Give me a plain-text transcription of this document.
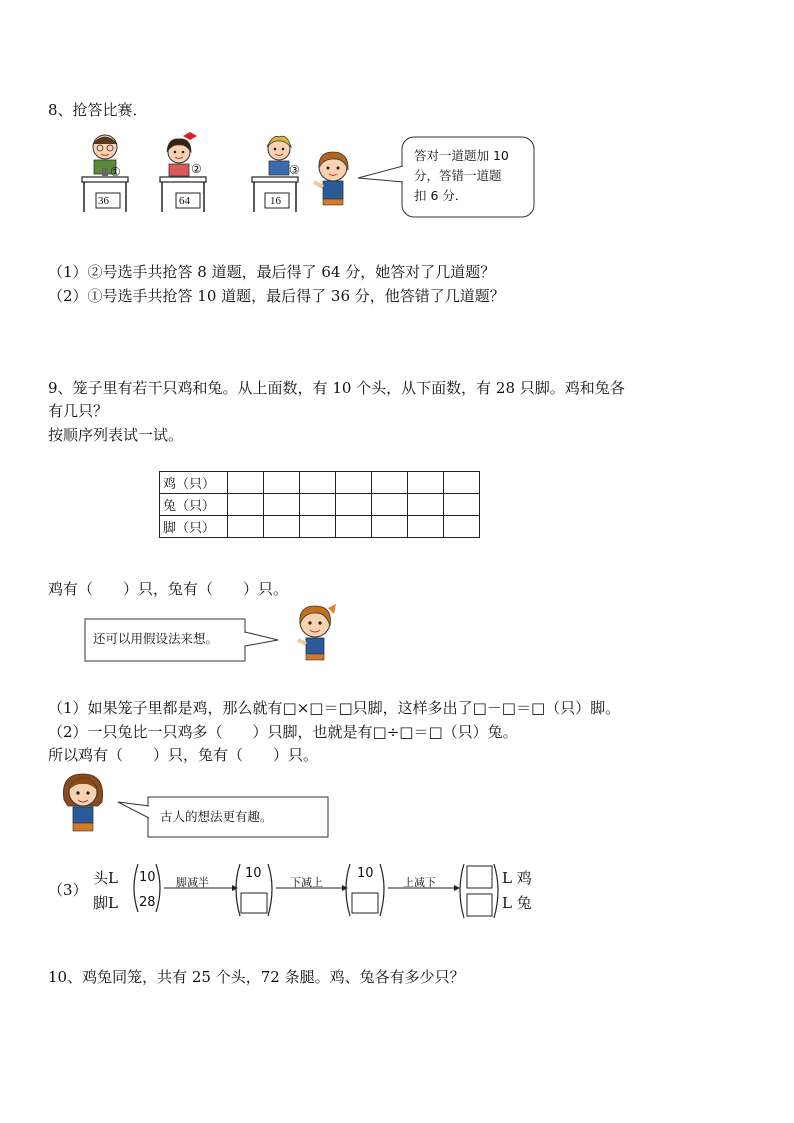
8、抢答比赛．
①
36
②
64
③
16
答对一道题加 10
分，答错一道题
扣 6 分．
（1）②号选手共抢答 8 道题，最后得了 64 分，她答对了几道题？
（2）①号选手共抢答 10 道题，最后得了 36 分，他答错了几道题？
9、笼子里有若干只鸡和兔。从上面数，有 10 个头，从下面数，有 28 只脚。鸡和兔各
有几只？
按顺序列表试一试。
鸡（只）							
兔（只）							
脚（只）							
鸡有（　　）只，兔有（　　）只。
还可以用假设法来想。
（1）如果笼子里都是鸡，那么就有□×□＝□只脚，这样多出了□－□＝□（只）脚。
（2）一只兔比一只鸡多（　　）只脚，也就是有□÷□＝□（只）兔。
所以鸡有（　　）只，兔有（　　）只。
古人的想法更有趣。
（3）
头L
脚L
10
28
脚减半
10
下减上
10
上减下	L 鸡
L 兔
10、鸡兔同笼，共有 25 个头，72 条腿。鸡、兔各有多少只？
